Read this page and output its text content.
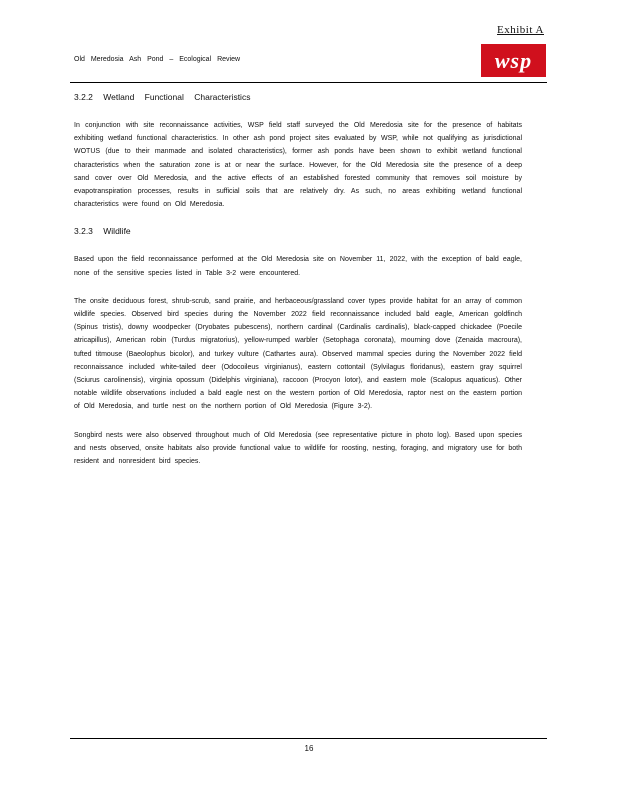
Exhibit A
Old Meredosia Ash Pond – Ecological Review	wsp
3.2.2 Wetland Functional Characteristics

In conjunction with site reconnaissance activities, WSP field staff surveyed the Old Meredosia site for the presence of habitats exhibiting wetland functional characteristics. In other ash pond project sites evaluated by WSP, while not qualifying as jurisdictional WOTUS (due to their manmade and isolated characteristics), former ash ponds have been shown to exhibit wetland functional characteristics when the saturation zone is at or near the surface. However, for the Old Meredosia site the presence of a deep sand cover over Old Meredosia, and the active effects of an established forested community that removes soil moisture by evapotranspiration processes, results in sufficial soils that are relatively dry. As such, no areas exhibiting wetland functional characteristics were found on Old Meredosia.

3.2.3 Wildlife

Based upon the field reconnaissance performed at the Old Meredosia site on November 11, 2022, with the exception of bald eagle, none of the sensitive species listed in Table 3-2 were encountered.

The onsite deciduous forest, shrub-scrub, sand prairie, and herbaceous/grassland cover types provide habitat for an array of common wildlife species. Observed bird species during the November 2022 field reconnaissance included bald eagle, American goldfinch (Spinus tristis), downy woodpecker (Dryobates pubescens), northern cardinal (Cardinalis cardinalis), black-capped chickadee (Poecile atricapillus), American robin (Turdus migratorius), yellow-rumped warbler (Setophaga coronata), mourning dove (Zenaida macroura), tufted titmouse (Baeolophus bicolor), and turkey vulture (Cathartes aura). Observed mammal species during the November 2022 field reconnaissance included white-tailed deer (Odocoileus virginianus), eastern cottontail (Sylvilagus floridanus), eastern gray squirrel (Sciurus carolinensis), virginia opossum (Didelphis virginiana), raccoon (Procyon lotor), and eastern mole (Scalopus aquaticus). Other notable wildlife observations included a bald eagle nest on the western portion of Old Meredosia, raptor nest on the eastern portion of Old Meredosia, and turtle nest on the northern portion of Old Meredosia (Figure 3-2).

Songbird nests were also observed throughout much of Old Meredosia (see representative picture in photo log). Based upon species and nests observed, onsite habitats also provide functional value to wildlife for roosting, nesting, foraging, and migratory use for both resident and nonresident bird species.

16
